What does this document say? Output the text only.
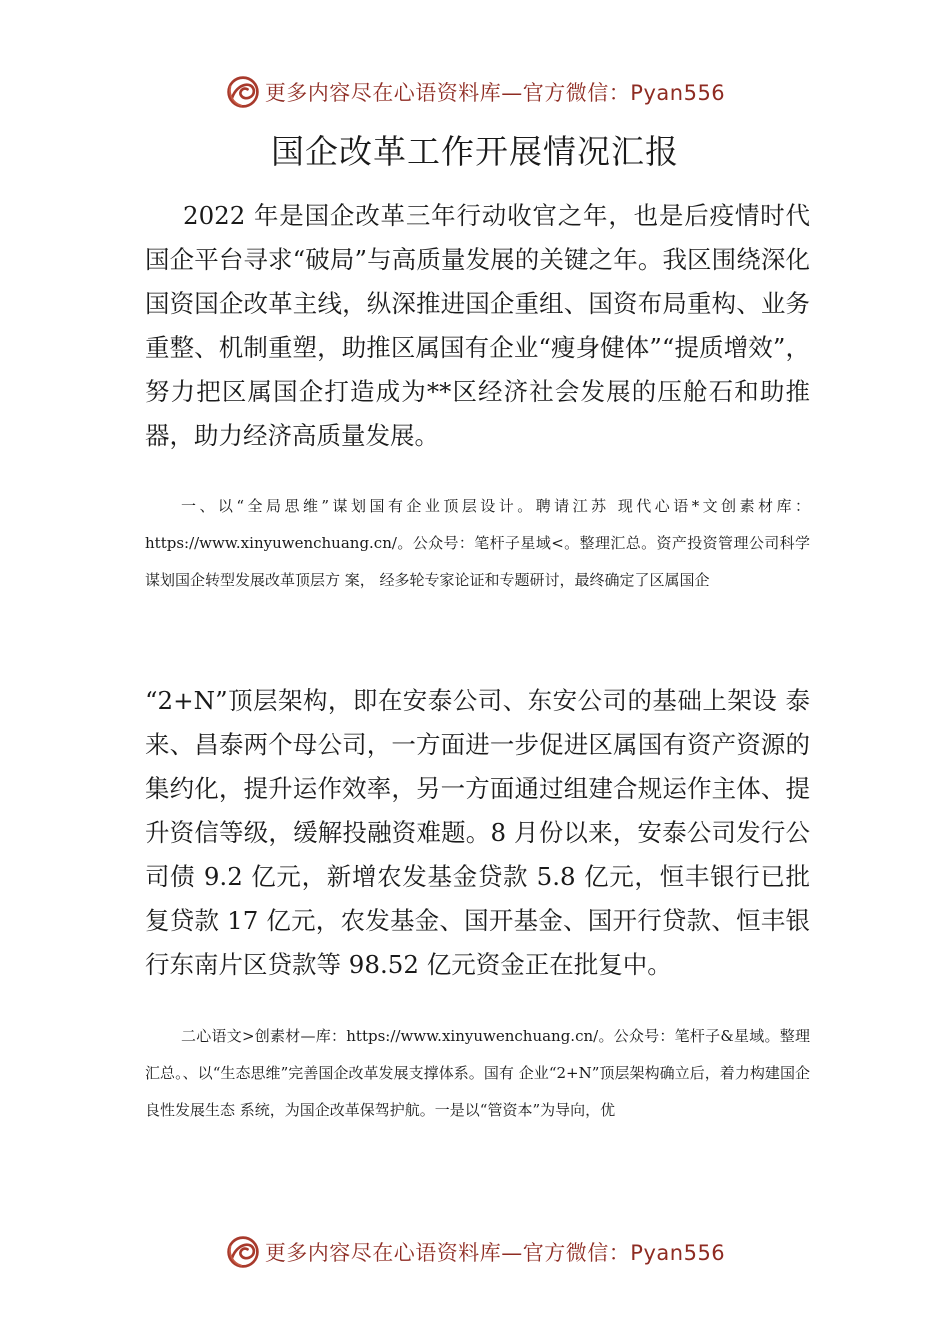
更多内容尽在心语资料库—官方微信：Pyan556
国企改革工作开展情况汇报

2022 年是国企改革三年行动收官之年，也是后疫情时代国企平台寻求“破局”与高质量发展的关键之年。我区围绕深化国资国企改革主线，纵深推进国企重组、国资布局重构、业务重整、机制重塑，助推区属国有企业“瘦身健体”“提质增效”，努力把区属国企打造成为**区经济社会发展的压舱石和助推器，助力经济高质量发展。

一、以“全局思维”谋划国有企业顶层设计。聘请江苏 现代心语*文创素材库：https://www.xinyuwenchuang.cn/。公众号：笔杆子星域<。整理汇总。资产投资管理公司科学谋划国企转型发展改革顶层方 案， 经多轮专家论证和专题研讨，最终确定了区属国企

“2+N”顶层架构，即在安泰公司、东安公司的基础上架设 泰来、昌泰两个母公司，一方面进一步促进区属国有资产资源的集约化，提升运作效率，另一方面通过组建合规运作主体、提升资信等级，缓解投融资难题。8 月份以来，安泰公司发行公司债 9.2 亿元，新增农发基金贷款 5.8 亿元，恒丰银行已批复贷款 17 亿元，农发基金、国开基金、国开行贷款、恒丰银行东南片区贷款等 98.52 亿元资金正在批复中。

二心语文>创素材—库：https://www.xinyuwenchuang.cn/。公众号：笔杆子&星域。整理汇总。、以“生态思维”完善国企改革发展支撑体系。国有 企业“2+N”顶层架构确立后，着力构建国企良性发展生态 系统，为国企改革保驾护航。一是以“管资本”为导向，优

更多内容尽在心语资料库—官方微信：Pyan556
